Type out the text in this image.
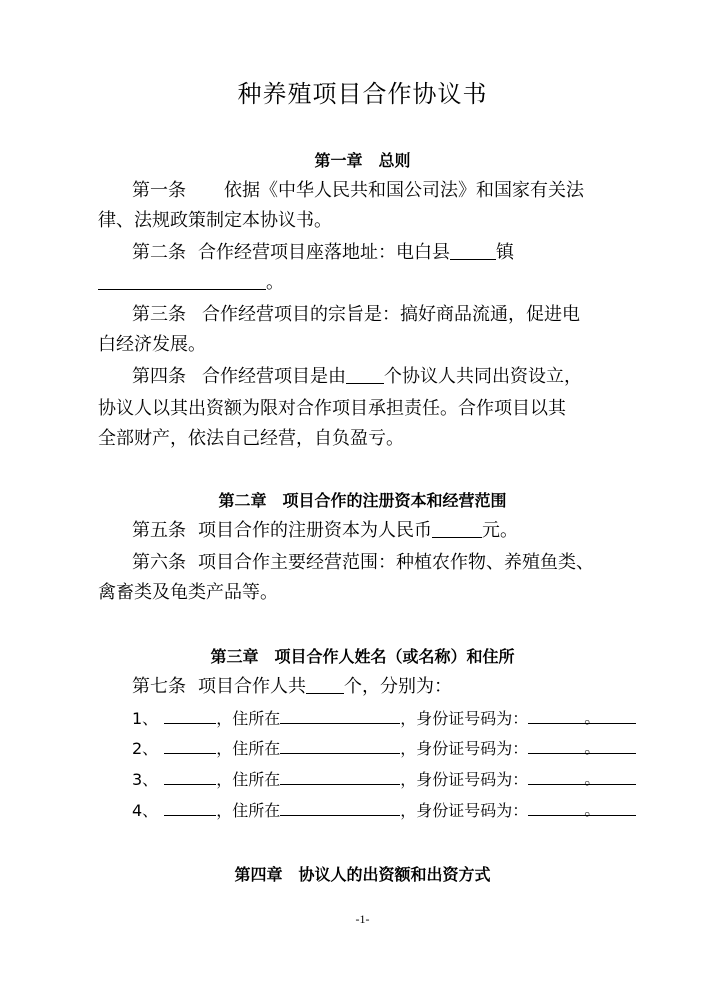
种养殖项目合作协议书
第一章 总则
第一条 依据《中华人民共和国公司法》和国家有关法
律、法规政策制定本协议书。
第二条 合作经营项目座落地址：电白县	镇
。
第三条 合作经营项目的宗旨是：搞好商品流通，促进电
白经济发展。
第四条 合作经营项目是由 个协议人共同出资设立，
协议人以其出资额为限对合作项目承担责任。合作项目以其
全部财产，依法自己经营，自负盈亏。
第二章 项目合作的注册资本和经营范围
第五条 项目合作的注册资本为人民币	元。
第六条 项目合作主要经营范围：种植农作物、养殖鱼类、
禽畜类及龟类产品等。
第三章 项目合作人姓名（或名称）和住所
第七条 项目合作人共 个，分别为：
1、	，住所在	，身份证号码为：	。
2、	，住所在	，身份证号码为：	。
3、	，住所在	，身份证号码为：	。
4、	，住所在	，身份证号码为：	。
第四章 协议人的出资额和出资方式
-1-
